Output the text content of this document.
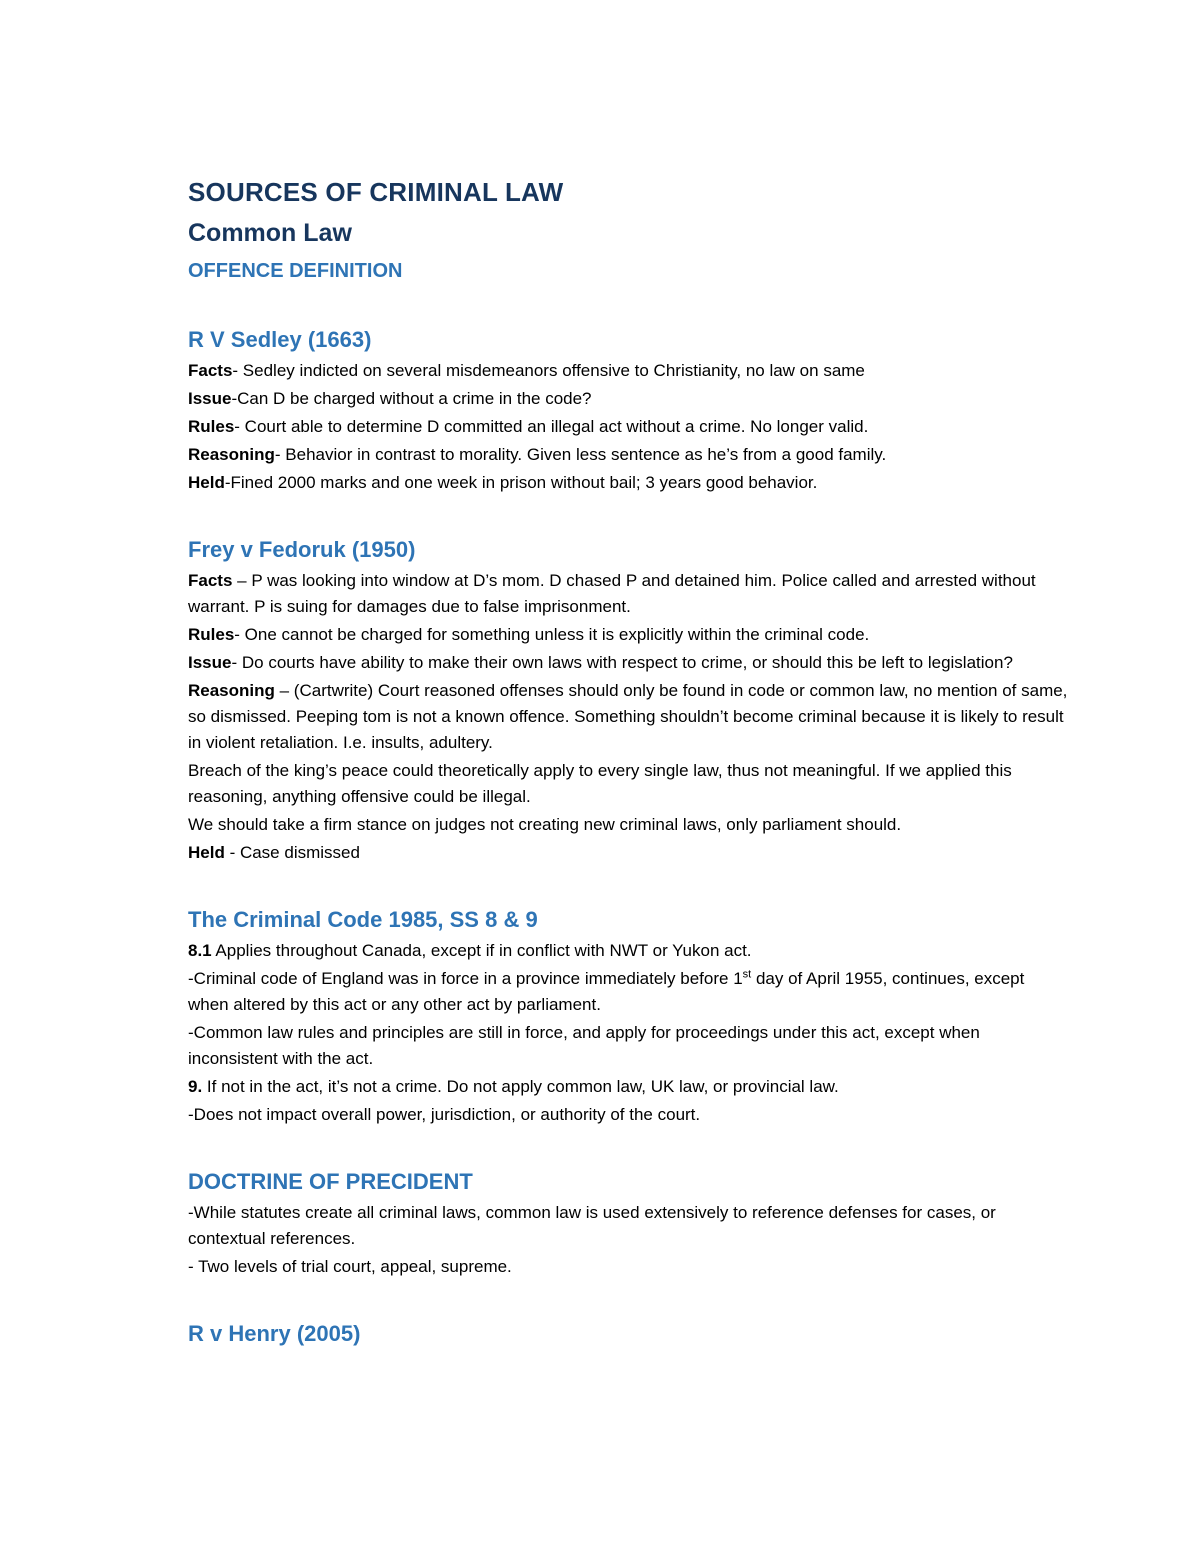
SOURCES OF CRIMINAL LAW
Common Law
OFFENCE DEFINITION
R V Sedley (1663)

Facts- Sedley indicted on several misdemeanors offensive to Christianity, no law on same

Issue-Can D be charged without a crime in the code?

Rules- Court able to determine D committed an illegal act without a crime. No longer valid.

Reasoning- Behavior in contrast to morality. Given less sentence as he’s from a good family.

Held-Fined 2000 marks and one week in prison without bail; 3 years good behavior.

Frey v Fedoruk (1950)

Facts – P was looking into window at D’s mom. D chased P and detained him. Police called and arrested without warrant. P is suing for damages due to false imprisonment.

Rules- One cannot be charged for something unless it is explicitly within the criminal code.

Issue- Do courts have ability to make their own laws with respect to crime, or should this be left to legislation?

Reasoning – (Cartwrite) Court reasoned offenses should only be found in code or common law, no mention of same, so dismissed. Peeping tom is not a known offence. Something shouldn’t become criminal because it is likely to result in violent retaliation. I.e. insults, adultery.

Breach of the king’s peace could theoretically apply to every single law, thus not meaningful. If we applied this reasoning, anything offensive could be illegal.

We should take a firm stance on judges not creating new criminal laws, only parliament should.

Held - Case dismissed

The Criminal Code 1985, SS 8 & 9

8.1 Applies throughout Canada, except if in conflict with NWT or Yukon act.

-Criminal code of England was in force in a province immediately before 1st day of April 1955, continues, except when altered by this act or any other act by parliament.

-Common law rules and principles are still in force, and apply for proceedings under this act, except when inconsistent with the act.

9. If not in the act, it’s not a crime. Do not apply common law, UK law, or provincial law.

-Does not impact overall power, jurisdiction, or authority of the court.

DOCTRINE OF PRECIDENT

-While statutes create all criminal laws, common law is used extensively to reference defenses for cases, or contextual references.

- Two levels of trial court, appeal, supreme.

R v Henry (2005)
